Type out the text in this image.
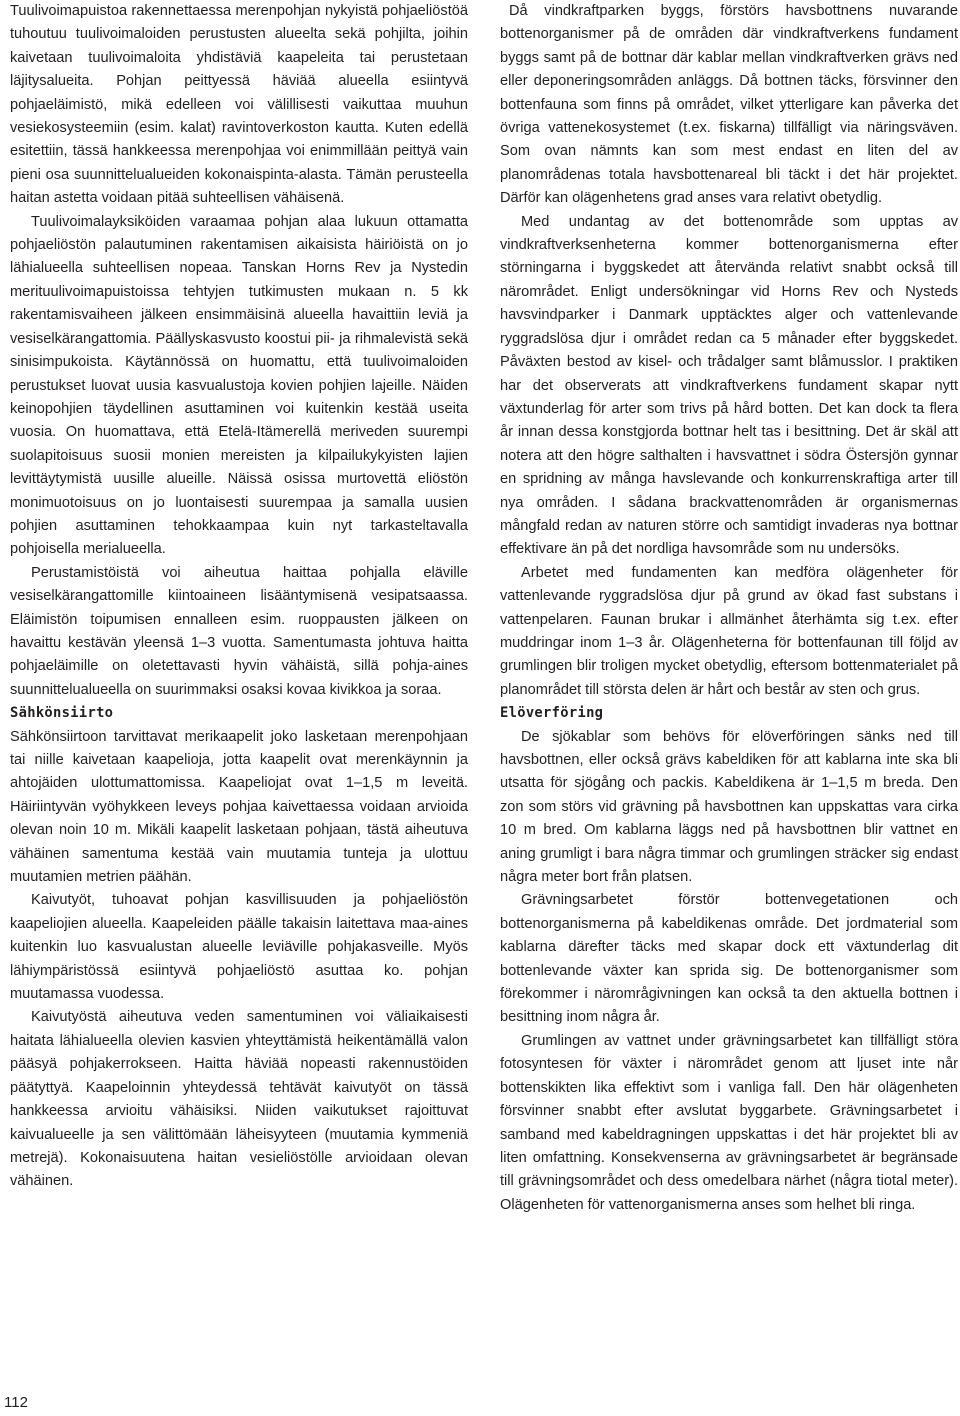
Tuulivoimapuistoa rakennettaessa merenpohjan nykyistä pohjaeliöstöä tuhoutuu tuulivoimaloiden perustusten alueelta sekä pohjilta, joihin kaivetaan tuulivoimaloita yhdistäviä kaapeleita tai perustetaan läjitysalueita. Pohjan peittyessä häviää alueella esiintyvä pohjaeläimistö, mikä edelleen voi välillisesti vaikuttaa muuhun vesiekosysteemiin (esim. kalat) ravintoverkoston kautta. Kuten edellä esitettiin, tässä hankkeessa merenpohjaa voi enimmillään peittyä vain pieni osa suunnittelualueiden kokonaispinta-alasta. Tämän perusteella haitan astetta voidaan pitää suhteellisen vähäisenä.

Tuulivoimalayksiköiden varaamaa pohjan alaa lukuun ottamatta pohjaeliöstön palautuminen rakentamisen aikaisista häiriöistä on jo lähialueella suhteellisen nopeaa. Tanskan Horns Rev ja Nystedin merituulivoimapuistoissa tehtyjen tutkimusten mukaan n. 5 kk rakentamisvaiheen jälkeen ensimmäisinä alueella havaittiin leviä ja vesiselkärangattomia. Päällyskasvusto koostui pii- ja rihmalevistä sekä sinisimpukoista. Käytännössä on huomattu, että tuulivoimaloiden perustukset luovat uusia kasvualustoja kovien pohjien lajeille. Näiden keinopohjien täydellinen asuttaminen voi kuitenkin kestää useita vuosia. On huomattava, että Etelä-Itämerellä meriveden suurempi suolapitoisuus suosii monien mereisten ja kilpailukykyisten lajien levittäytymistä uusille alueille. Näissä osissa murtovettä eliöstön monimuotoisuus on jo luontaisesti suurempaa ja samalla uusien pohjien asuttaminen tehokkaampaa kuin nyt tarkasteltavalla pohjoisella merialueella.

Perustamistöistä voi aiheutua haittaa pohjalla eläville vesiselkärangattomille kiintoaineen lisääntymisenä vesipatsaassa. Eläimistön toipumisen ennalleen esim. ruoppausten jälkeen on havaittu kestävän yleensä 1–3 vuotta. Samentumasta johtuva haitta pohjaeläimille on oletettavasti hyvin vähäistä, sillä pohja-aines suunnittelualueella on suurimmaksi osaksi kovaa kivikkoa ja soraa.

Sähkönsiirto

Sähkönsiirtoon tarvittavat merikaapelit joko lasketaan merenpohjaan tai niille kaivetaan kaapelioja, jotta kaapelit ovat merenkäynnin ja ahtojäiden ulottumattomissa. Kaapeliojat ovat 1–1,5 m leveitä. Häiriintyvän vyöhykkeen leveys pohjaa kaivettaessa voidaan arvioida olevan noin 10 m. Mikäli kaapelit lasketaan pohjaan, tästä aiheutuva vähäinen samentuma kestää vain muutamia tunteja ja ulottuu muutamien metrien päähän.

Kaivutyöt, tuhoavat pohjan kasvillisuuden ja pohjaeliöstön kaapeliojien alueella. Kaapeleiden päälle takaisin laitettava maa-aines kuitenkin luo kasvualustan alueelle leviäville pohjakasveille. Myös lähiympäristössä esiintyvä pohjaeliöstö asuttaa ko. pohjan muutamassa vuodessa.

Kaivutyöstä aiheutuva veden samentuminen voi väliaikaisesti haitata lähialueella olevien kasvien yhteyttämistä heikentämällä valon pääsyä pohjakerrokseen. Haitta häviää nopeasti rakennustöiden päätyttyä. Kaapeloinnin yhteydessä tehtävät kaivutyöt on tässä hankkeessa arvioitu vähäisiksi. Niiden vaikutukset rajoittuvat kaivualueelle ja sen välittömään läheisyyteen (muutamia kymmeniä metrejä). Kokonaisuutena haitan vesieliöstölle arvioidaan olevan vähäinen.

Då vindkraftparken byggs, förstörs havsbottnens nuvarande bottenorganismer på de områden där vindkraftverkens fundament byggs samt på de bottnar där kablar mellan vindkraftverken grävs ned eller deponeringsområden anläggs. Då bottnen täcks, försvinner den bottenfauna som finns på området, vilket ytterligare kan påverka det övriga vattenekosystemet (t.ex. fiskarna) tillfälligt via näringsväven. Som ovan nämnts kan som mest endast en liten del av planområdenas totala havsbottenareal bli täckt i det här projektet. Därför kan olägenhetens grad anses vara relativt obetydlig.

Med undantag av det bottenområde som upptas av vindkraftverksenheterna kommer bottenorganismerna efter störningarna i byggskedet att återvända relativt snabbt också till närområdet. Enligt undersökningar vid Horns Rev och Nysteds havsvindparker i Danmark upptäcktes alger och vattenlevande ryggradslösa djur i området redan ca 5 månader efter byggskedet. Påväxten bestod av kisel- och trådalger samt blåmusslor. I praktiken har det observerats att vindkraftverkens fundament skapar nytt växtunderlag för arter som trivs på hård botten. Det kan dock ta flera år innan dessa konstgjorda bottnar helt tas i besittning. Det är skäl att notera att den högre salthalten i havsvattnet i södra Östersjön gynnar en spridning av många havslevande och konkurrenskraftiga arter till nya områden. I sådana brackvattenområden är organismernas mångfald redan av naturen större och samtidigt invaderas nya bottnar effektivare än på det nordliga havsområde som nu undersöks.

Arbetet med fundamenten kan medföra olägenheter för vattenlevande ryggradslösa djur på grund av ökad fast substans i vattenpelaren. Faunan brukar i allmänhet återhämta sig t.ex. efter muddringar inom 1–3 år. Olägenheterna för bottenfaunan till följd av grumlingen blir troligen mycket obetydlig, eftersom bottenmaterialet på planområdet till största delen är hårt och består av sten och grus.

Elöverföring

De sjökablar som behövs för elöverföringen sänks ned till havsbottnen, eller också grävs kabeldiken för att kablarna inte ska bli utsatta för sjögång och packis. Kabeldikena är 1–1,5 m breda. Den zon som störs vid grävning på havsbottnen kan uppskattas vara cirka 10 m bred. Om kablarna läggs ned på havsbottnen blir vattnet en aning grumligt i bara några timmar och grumlingen sträcker sig endast några meter bort från platsen.

Grävningsarbetet förstör bottenvegetationen och bottenorganismerna på kabeldikenas område. Det jordmaterial som kablarna därefter täcks med skapar dock ett växtunderlag dit bottenlevande växter kan sprida sig. De bottenorganismer som förekommer i närområgivningen kan också ta den aktuella bottnen i besittning inom några år.

Grumlingen av vattnet under grävningsarbetet kan tillfälligt störa fotosyntesen för växter i närområdet genom att ljuset inte når bottenskikten lika effektivt som i vanliga fall. Den här olägenheten försvinner snabbt efter avslutat byggarbete. Grävningsarbetet i samband med kabeldragningen uppskattas i det här projektet bli av liten omfattning. Konsekvenserna av grävningsarbetet är begränsade till grävningsområdet och dess omedelbara närhet (några tiotal meter). Olägenheten för vattenorganismerna anses som helhet bli ringa.

112
